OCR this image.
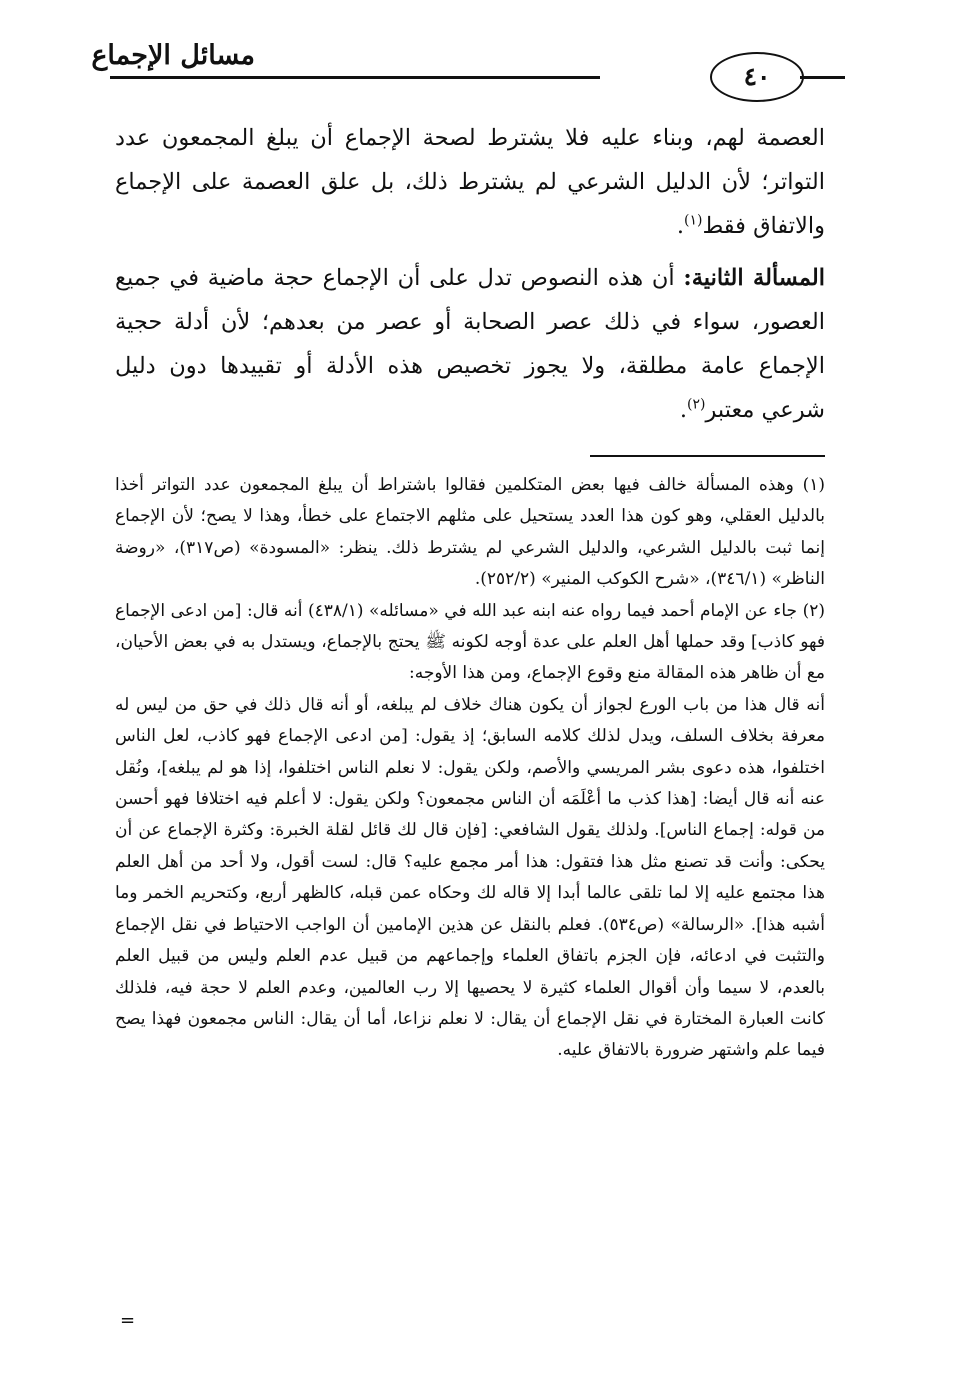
مسائل الإجماع
٤٠

العصمة لهم، وبناء عليه فلا يشترط لصحة الإجماع أن يبلغ المجمعون عدد التواتر؛ لأن الدليل الشرعي لم يشترط ذلك، بل علق العصمة على الإجماع والاتفاق فقط$^{(١)}$.

المسألة الثانية: أن هذه النصوص تدل على أن الإجماع حجة ماضية في جميع العصور، سواء في ذلك عصر الصحابة أو عصر من بعدهم؛ لأن أدلة حجية الإجماع عامة مطلقة، ولا يجوز تخصيص هذه الأدلة أو تقييدها دون دليل شرعي معتبر$^{(٢)}$.

(١) وهذه المسألة خالف فيها بعض المتكلمين فقالوا باشتراط أن يبلغ المجمعون عدد التواتر أخذا بالدليل العقلي، وهو كون هذا العدد يستحيل على مثلهم الاجتماع على خطأ، وهذا لا يصح؛ لأن الإجماع إنما ثبت بالدليل الشرعي، والدليل الشرعي لم يشترط ذلك. ينظر: «المسودة» (ص٣١٧)، «روضة الناظر» (٣٤٦/١)، «شرح الكوكب المنير» (٢٥٢/٢).

(٢) جاء عن الإمام أحمد فيما رواه عنه ابنه عبد الله في «مسائله» (٤٣٨/١) أنه قال: [من ادعى الإجماع فهو كاذب] وقد حملها أهل العلم على عدة أوجه لكونه ﷺ يحتج بالإجماع، ويستدل به في بعض الأحيان، مع أن ظاهر هذه المقالة منع وقوع الإجماع، ومن هذا الأوجه:

أنه قال هذا من باب الورع لجواز أن يكون هناك خلاف لم يبلغه، أو أنه قال ذلك في حق من ليس له معرفة بخلاف السلف، ويدل لذلك كلامه السابق؛ إذ يقول: [من ادعى الإجماع فهو كاذب، لعل الناس اختلفوا، هذه دعوى بشر المريسي والأصم، ولكن يقول: لا نعلم الناس اختلفوا، إذا هو لم يبلغه]، ونُقل عنه أنه قال أيضا: [هذا كذب ما أعْلَمَه أن الناس مجمعون؟ ولكن يقول: لا أعلم فيه اختلافا فهو أحسن من قوله: إجماع الناس]. ولذلك يقول الشافعي: [فإن قال لك قائل لقلة الخبرة: وكثرة الإجماع عن أن يحكى: وأنت قد تصنع مثل هذا فتقول: هذا أمر مجمع عليه؟ قال: لست أقول، ولا أحد من أهل العلم هذا مجتمع عليه إلا لما تلقى عالما أبدا إلا قاله لك وحكاه عمن قبله، كالظهر أربع، وكتحريم الخمر وما أشبه هذا]. «الرسالة» (ص٥٣٤). فعلم بالنقل عن هذين الإمامين أن الواجب الاحتياط في نقل الإجماع والتثبت في ادعائه، فإن الجزم باتفاق العلماء وإجماعهم من قبيل عدم العلم وليس من قبيل العلم بالعدم، لا سيما وأن أقوال العلماء كثيرة لا يحصيها إلا رب العالمين، وعدم العلم لا حجة فيه، فلذلك كانت العبارة المختارة في نقل الإجماع أن يقال: لا نعلم نزاعا، أما أن يقال: الناس مجمعون فهذا يصح فيما علم واشتهر ضرورة بالاتفاق عليه.

=
